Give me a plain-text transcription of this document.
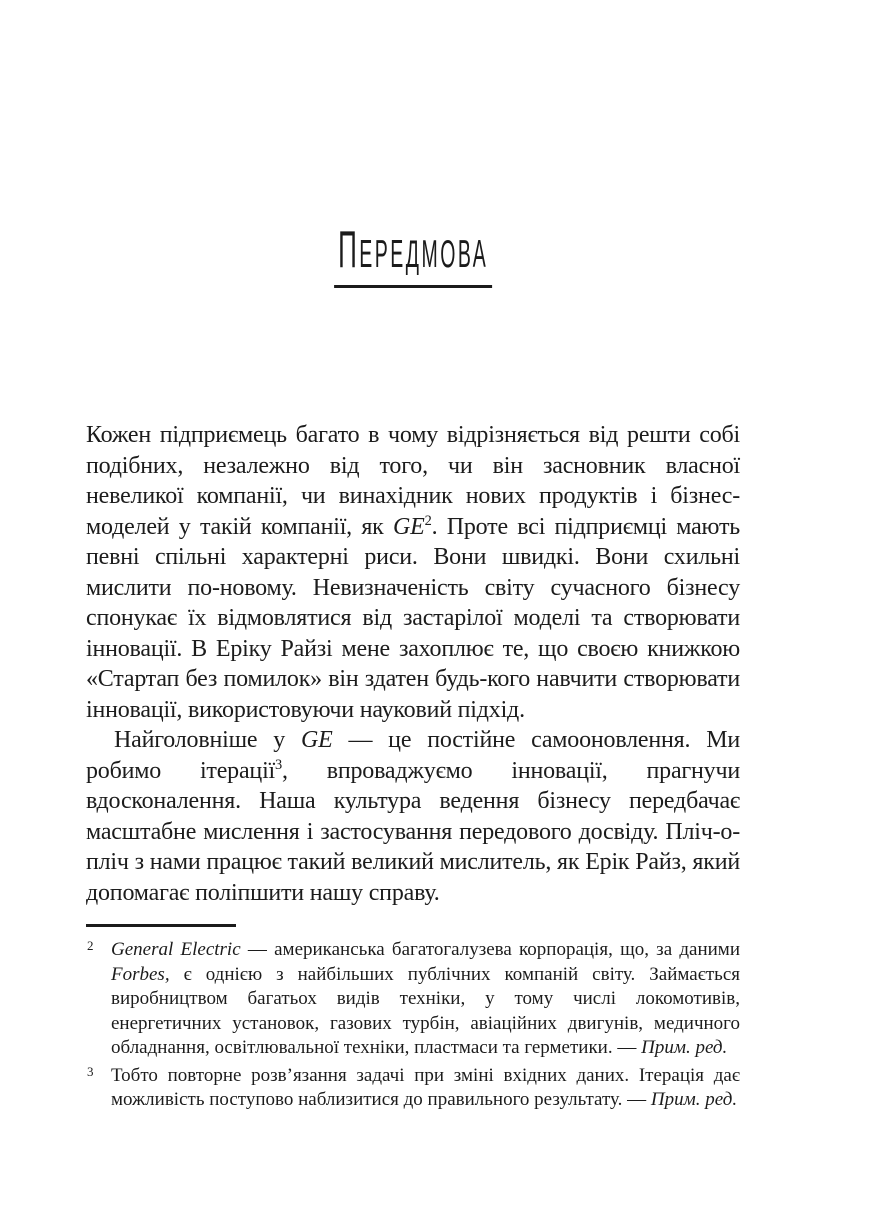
ПЕРЕДМОВА

Кожен підприємець багато в чому відрізняється від решти собі подібних, незалежно від того, чи він засновник власної невеликої компанії, чи винахідник нових продуктів і бізнес-моделей у такій компанії, як GE$^2$. Проте всі підприємці мають певні спільні характерні риси. Вони швидкі. Вони схильні мислити по-новому. Невизначеність світу сучасного бізнесу спонукає їх відмовлятися від застарілої моделі та створювати інновації. В Еріку Райзі мене захоплює те, що своєю книжкою «Стартап без помилок» він здатен будь-кого навчити створювати інновації, використовуючи науковий підхід.

Найголовніше у GE — це постійне самооновлення. Ми робимо ітерації$^3$, впроваджуємо інновації, прагнучи вдосконалення. Наша культура ведення бізнесу передбачає масштабне мислення і застосування передового досвіду. Пліч-о-пліч з нами працює такий великий мислитель, як Ерік Райз, який допомагає поліпшити нашу справу.

2 General Electric — американська багатогалузева корпорація, що, за даними Forbes, є однією з найбільших публічних компаній світу. Займається виробництвом багатьох видів техніки, у тому числі локомотивів, енергетичних установок, газових турбін, авіаційних двигунів, медичного обладнання, освітлювальної техніки, пластмаси та герметики. — Прим. ред.
3 Тобто повторне розв’язання задачі при зміні вхідних даних. Ітерація дає можливість поступово наблизитися до правильного результату. — Прим. ред.
